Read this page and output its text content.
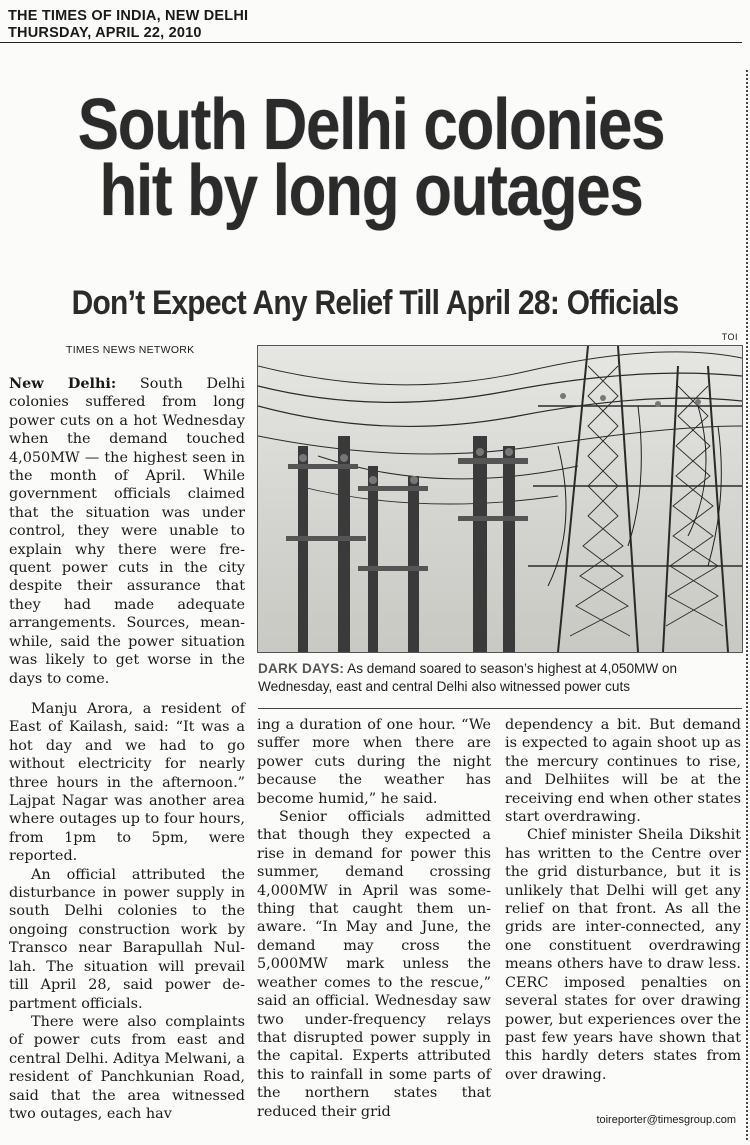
THE TIMES OF INDIA, NEW DELHI
THURSDAY, APRIL 22, 2010
South Delhi colonies
hit by long outages
Don’t Expect Any Relief Till April 28: Officials
TOI
TIMES NEWS NETWORK
DARK DAYS: As demand soared to season’s highest at 4,050MW on Wednesday, east and central Delhi also witnessed power cuts

New Delhi: South Delhi colonies suffered from long power cuts on a hot Wednesday when the demand touched 4,050MW — the highest seen in the month of April. While government officials claimed that the situation was under control, they were unable to explain why there were frequent power cuts in the city despite their assurance that they had made adequate arrangements. Sources, meanwhile, said the power situation was likely to get worse in the days to come.

Manju Arora, a resident of East of Kailash, said: “It was a hot day and we had to go without electricity for nearly three hours in the afternoon.” Lajpat Nagar was another area where outages up to four hours, from 1pm to 5pm, were reported.

An official attributed the disturbance in power supply in south Delhi colonies to the ongoing construction work by Transco near Barapullah Nullah. The situation will prevail till April 28, said power department officials.

There were also complaints of power cuts from east and central Delhi. Aditya Melwani, a resident of Panchkunian Road, said that the area witnessed two outages, each hav

ing a duration of one hour. “We suffer more when there are power cuts during the night because the weather has become humid,” he said.

Senior officials admitted that though they expected a rise in demand for power this summer, demand crossing 4,000MW in April was something that caught them unaware. “In May and June, the demand may cross the 5,000MW mark unless the weather comes to the rescue,” said an official. Wednesday saw two under-frequency relays that disrupted power supply in the capital. Experts attributed this to rainfall in some parts of the northern states that reduced their grid

dependency a bit. But demand is expected to again shoot up as the mercury continues to rise, and Delhiites will be at the receiving end when other states start overdrawing.

Chief minister Sheila Dikshit has written to the Centre over the grid disturbance, but it is unlikely that Delhi will get any relief on that front. As all the grids are inter-connected, any one constituent overdrawing means others have to draw less. CERC imposed penalties on several states for over drawing power, but experiences over the past few years have shown that this hardly deters states from over drawing.

toireporter@timesgroup.com
